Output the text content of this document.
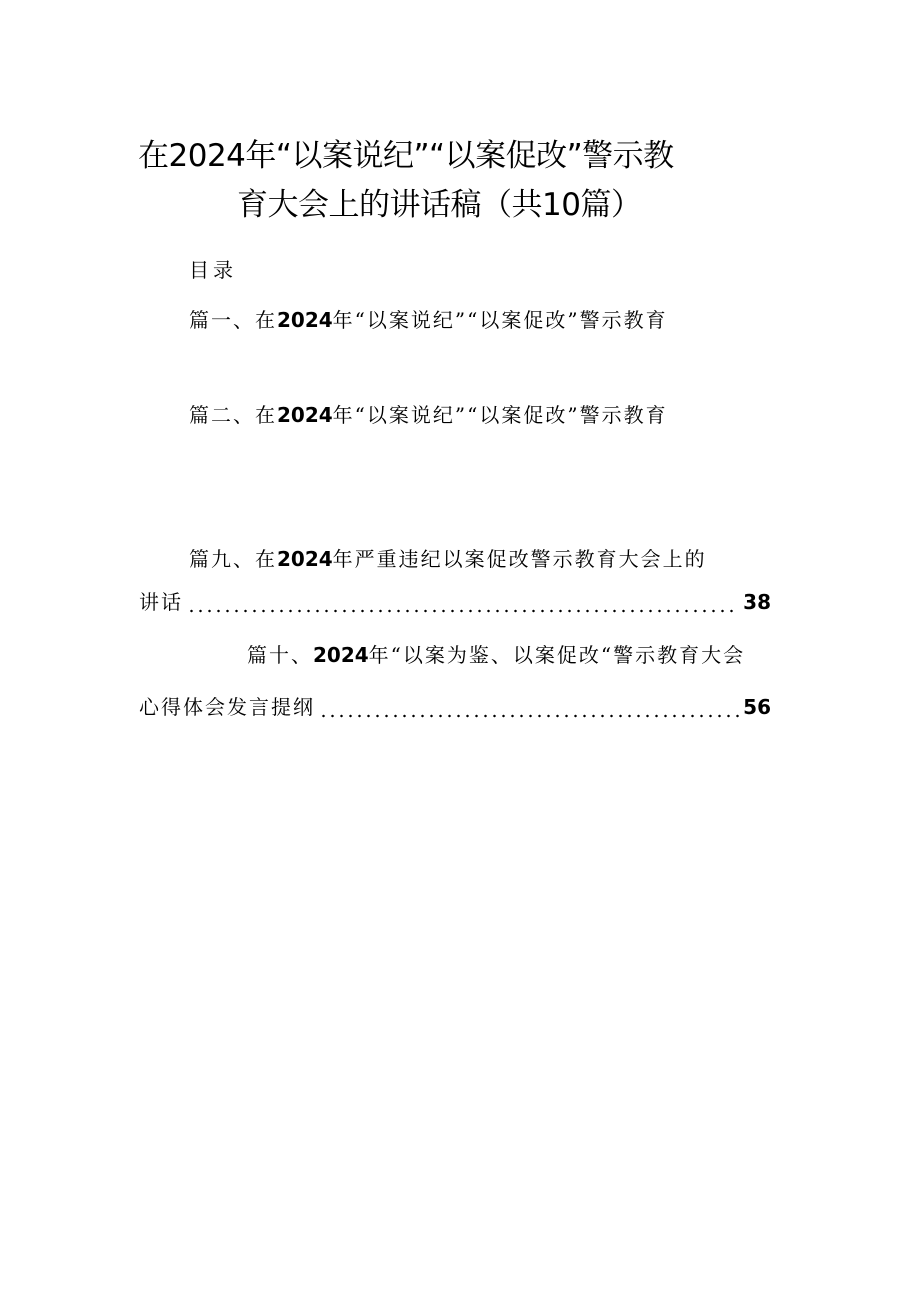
在2024年“以案说纪”“以案促改”警示教
育大会上的讲话稿（共10篇）
目录
篇一、在2024年“以案说纪”“以案促改”警示教育
篇二、在2024年“以案说纪”“以案促改”警示教育
篇九、在2024年严重违纪以案促改警示教育大会上的
讲话	38
篇十、2024年“以案为鉴、以案促改“警示教育大会
心得体会发言提纲	56
